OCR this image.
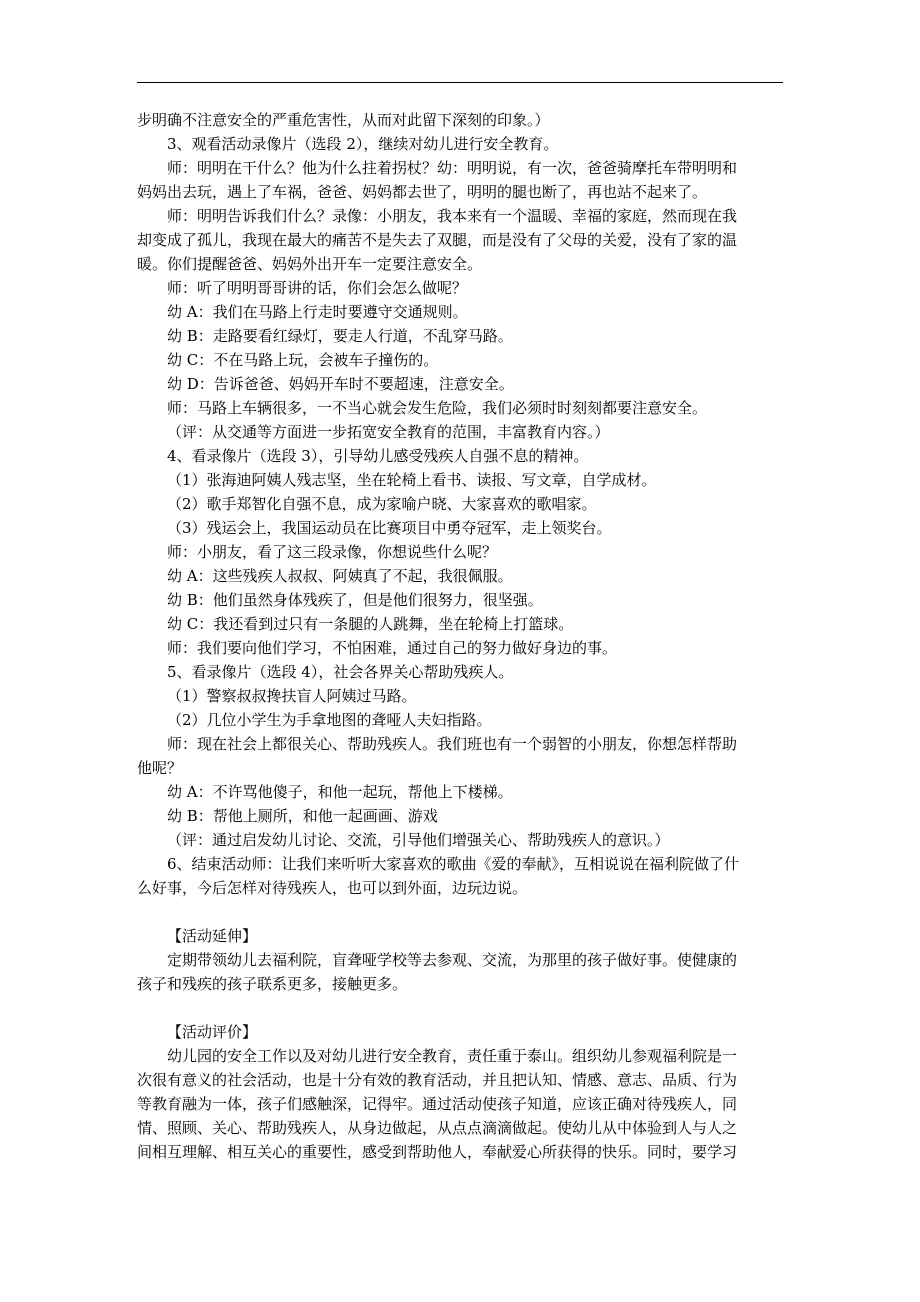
步明确不注意安全的严重危害性，从而对此留下深刻的印象。）
3、观看活动录像片（选段 2），继续对幼儿进行安全教育。
师：明明在干什么？他为什么拄着拐杖？幼：明明说，有一次，爸爸骑摩托车带明明和
妈妈出去玩，遇上了车祸，爸爸、妈妈都去世了，明明的腿也断了，再也站不起来了。
师：明明告诉我们什么？录像：小朋友，我本来有一个温暖、幸福的家庭，然而现在我
却变成了孤儿，我现在最大的痛苦不是失去了双腿，而是没有了父母的关爱，没有了家的温
暖。你们提醒爸爸、妈妈外出开车一定要注意安全。
师：听了明明哥哥讲的话，你们会怎么做呢？
幼 A：我们在马路上行走时要遵守交通规则。
幼 B：走路要看红绿灯，要走人行道，不乱穿马路。
幼 C：不在马路上玩，会被车子撞伤的。
幼 D：告诉爸爸、妈妈开车时不要超速，注意安全。
师：马路上车辆很多，一不当心就会发生危险，我们必须时时刻刻都要注意安全。
（评：从交通等方面进一步拓宽安全教育的范围，丰富教育内容。）
4、看录像片（选段 3），引导幼儿感受残疾人自强不息的精神。
（1）张海迪阿姨人残志坚，坐在轮椅上看书、读报、写文章，自学成材。
（2）歌手郑智化自强不息，成为家喻户晓、大家喜欢的歌唱家。
（3）残运会上，我国运动员在比赛项目中勇夺冠军，走上领奖台。
师：小朋友，看了这三段录像，你想说些什么呢？
幼 A：这些残疾人叔叔、阿姨真了不起，我很佩服。
幼 B：他们虽然身体残疾了，但是他们很努力，很坚强。
幼 C：我还看到过只有一条腿的人跳舞，坐在轮椅上打篮球。
师：我们要向他们学习，不怕困难，通过自己的努力做好身边的事。
5、看录像片（选段 4），社会各界关心帮助残疾人。
（1）警察叔叔搀扶盲人阿姨过马路。
（2）几位小学生为手拿地图的聋哑人夫妇指路。
师：现在社会上都很关心、帮助残疾人。我们班也有一个弱智的小朋友，你想怎样帮助
他呢？
幼 A：不许骂他傻子，和他一起玩，帮他上下楼梯。
幼 B：帮他上厕所，和他一起画画、游戏
（评：通过启发幼儿讨论、交流，引导他们增强关心、帮助残疾人的意识。）
6、结束活动师：让我们来听听大家喜欢的歌曲《爱的奉献》，互相说说在福利院做了什
么好事，今后怎样对待残疾人，也可以到外面，边玩边说。
【活动延伸】
定期带领幼儿去福利院，盲聋哑学校等去参观、交流，为那里的孩子做好事。使健康的
孩子和残疾的孩子联系更多，接触更多。
【活动评价】
幼儿园的安全工作以及对幼儿进行安全教育，责任重于泰山。组织幼儿参观福利院是一
次很有意义的社会活动，也是十分有效的教育活动，并且把认知、情感、意志、品质、行为
等教育融为一体，孩子们感触深，记得牢。通过活动使孩子知道，应该正确对待残疾人，同
情、照顾、关心、帮助残疾人，从身边做起，从点点滴滴做起。使幼儿从中体验到人与人之
间相互理解、相互关心的重要性，感受到帮助他人，奉献爱心所获得的快乐。同时，要学习
